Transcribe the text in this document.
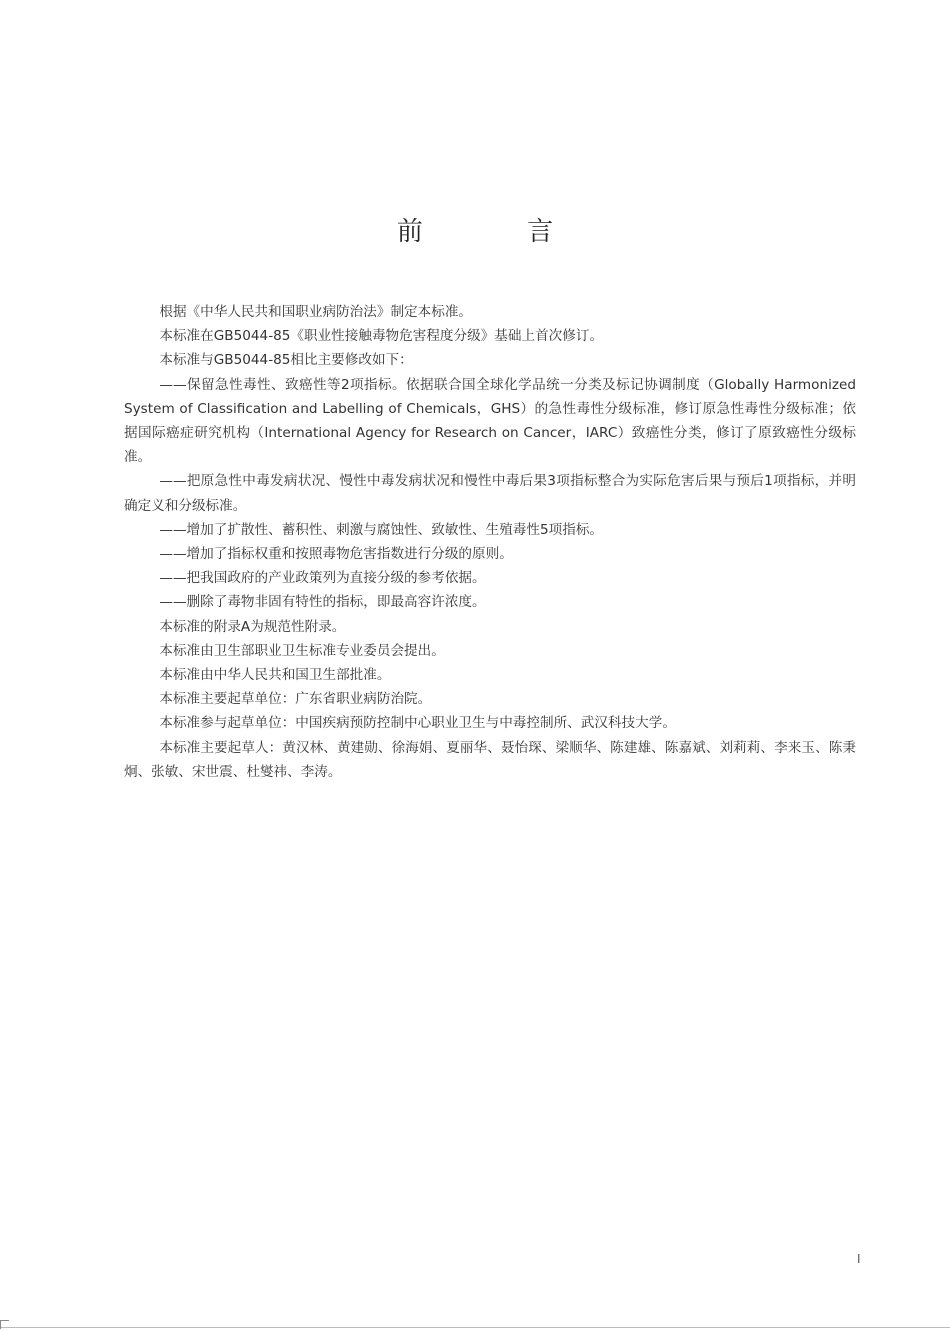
前 言

根据《中华人民共和国职业病防治法》制定本标准。

本标准在GB5044-85《职业性接触毒物危害程度分级》基础上首次修订。

本标准与GB5044-85相比主要修改如下：

——保留急性毒性、致癌性等2项指标。依据联合国全球化学品统一分类及标记协调制度（Globally Harmonized System of Classification and Labelling of Chemicals，GHS）的急性毒性分级标准，修订原急性毒性分级标准；依据国际癌症研究机构（International Agency for Research on Cancer，IARC）致癌性分类，修订了原致癌性分级标准。

——把原急性中毒发病状况、慢性中毒发病状况和慢性中毒后果3项指标整合为实际危害后果与预后1项指标，并明确定义和分级标准。

——增加了扩散性、蓄积性、刺激与腐蚀性、致敏性、生殖毒性5项指标。

——增加了指标权重和按照毒物危害指数进行分级的原则。

——把我国政府的产业政策列为直接分级的参考依据。

——删除了毒物非固有特性的指标，即最高容许浓度。

本标准的附录A为规范性附录。

本标准由卫生部职业卫生标准专业委员会提出。

本标准由中华人民共和国卫生部批准。

本标准主要起草单位：广东省职业病防治院。

本标准参与起草单位：中国疾病预防控制中心职业卫生与中毒控制所、武汉科技大学。

本标准主要起草人：黄汉林、黄建勋、徐海娟、夏丽华、聂怡琛、梁顺华、陈建雄、陈嘉斌、刘莉莉、李来玉、陈秉炯、张敏、宋世震、杜燮祎、李涛。

I
